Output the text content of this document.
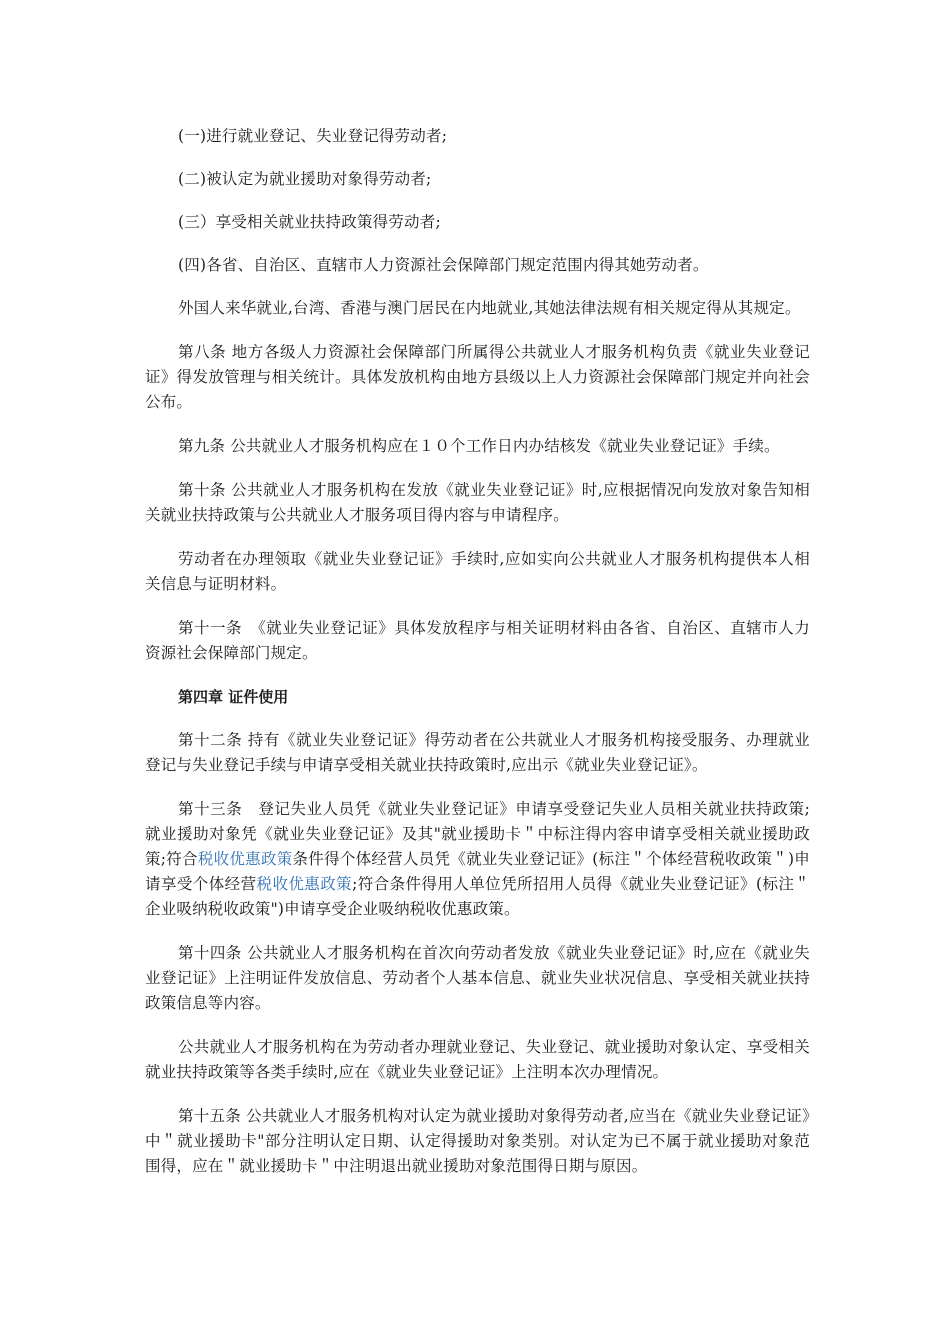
(一)进行就业登记、失业登记得劳动者;

(二)被认定为就业援助对象得劳动者;

(三）享受相关就业扶持政策得劳动者;

(四)各省、自治区、直辖市人力资源社会保障部门规定范围内得其她劳动者。

外国人来华就业,台湾、香港与澳门居民在内地就业,其她法律法规有相关规定得从其规定。

第八条 地方各级人力资源社会保障部门所属得公共就业人才服务机构负责《就业失业登记证》得发放管理与相关统计。具体发放机构由地方县级以上人力资源社会保障部门规定并向社会公布。

第九条 公共就业人才服务机构应在１０个工作日内办结核发《就业失业登记证》手续。

第十条 公共就业人才服务机构在发放《就业失业登记证》时,应根据情况向发放对象告知相关就业扶持政策与公共就业人才服务项目得内容与申请程序。

劳动者在办理领取《就业失业登记证》手续时,应如实向公共就业人才服务机构提供本人相关信息与证明材料。

第十一条　《就业失业登记证》具体发放程序与相关证明材料由各省、自治区、直辖市人力资源社会保障部门规定。

第四章 证件使用

第十二条 持有《就业失业登记证》得劳动者在公共就业人才服务机构接受服务、办理就业登记与失业登记手续与申请享受相关就业扶持政策时,应出示《就业失业登记证》。

第十三条　登记失业人员凭《就业失业登记证》申请享受登记失业人员相关就业扶持政策;就业援助对象凭《就业失业登记证》及其"就业援助卡＂中标注得内容申请享受相关就业援助政策;符合税收优惠政策条件得个体经营人员凭《就业失业登记证》(标注＂个体经营税收政策＂)申请享受个体经营税收优惠政策;符合条件得用人单位凭所招用人员得《就业失业登记证》(标注＂企业吸纳税收政策")申请享受企业吸纳税收优惠政策。

第十四条 公共就业人才服务机构在首次向劳动者发放《就业失业登记证》时,应在《就业失业登记证》上注明证件发放信息、劳动者个人基本信息、就业失业状况信息、享受相关就业扶持政策信息等内容。

公共就业人才服务机构在为劳动者办理就业登记、失业登记、就业援助对象认定、享受相关就业扶持政策等各类手续时,应在《就业失业登记证》上注明本次办理情况。

第十五条 公共就业人才服务机构对认定为就业援助对象得劳动者,应当在《就业失业登记证》中＂就业援助卡"部分注明认定日期、认定得援助对象类别。对认定为已不属于就业援助对象范围得，应在＂就业援助卡＂中注明退出就业援助对象范围得日期与原因。
